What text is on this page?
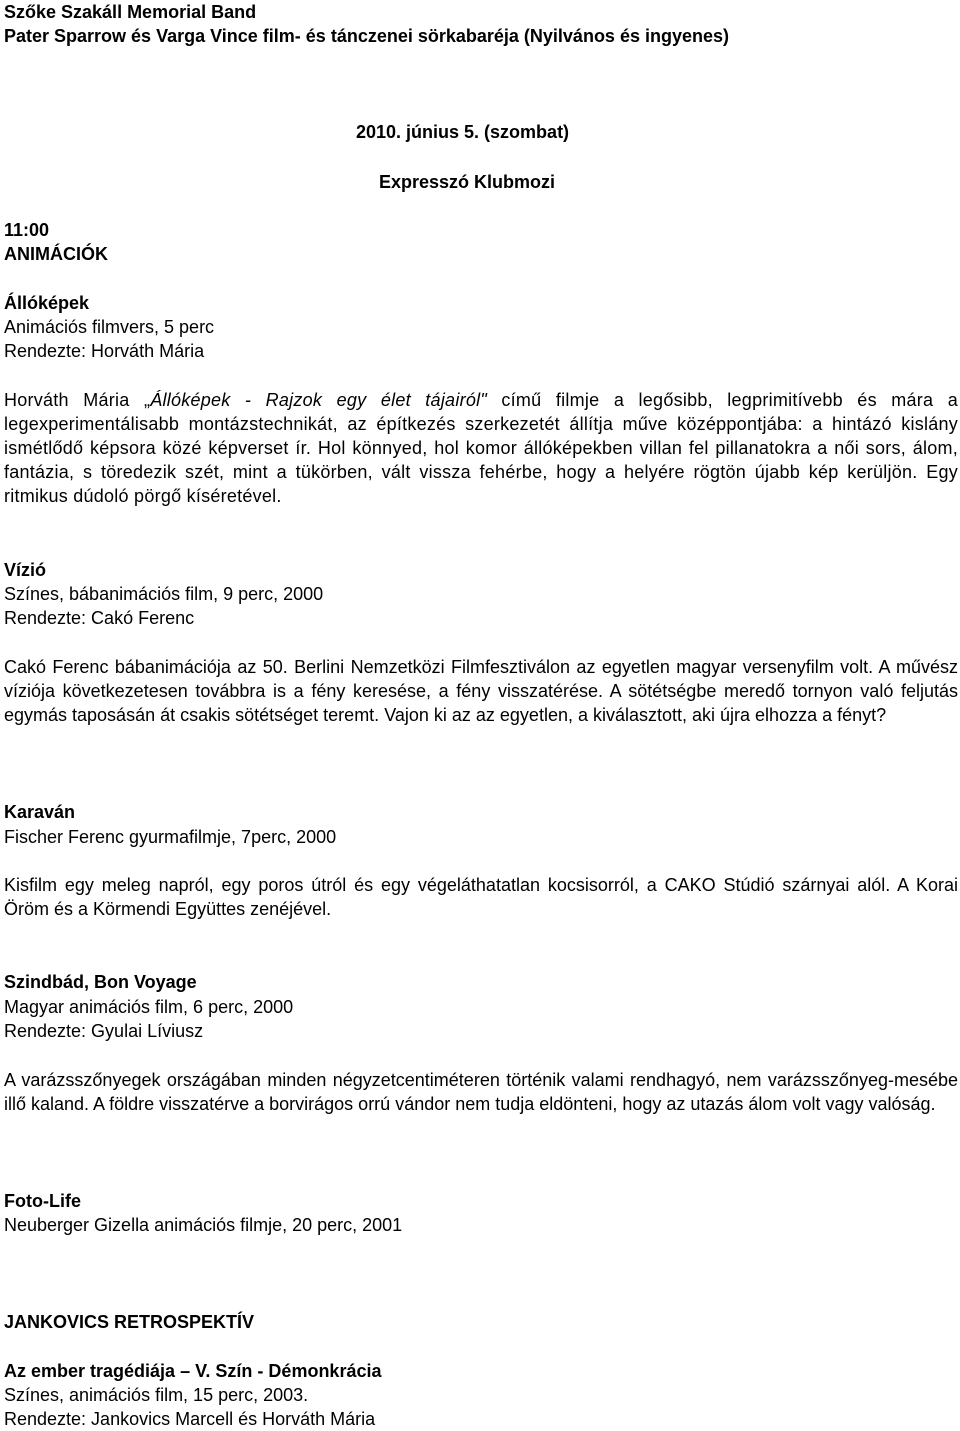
Szőke Szakáll Memorial Band
Pater Sparrow és Varga Vince film- és tánczenei sörkabaréja (Nyilvános és ingyenes)
2010. június 5. (szombat)
Expresszó Klubmozi
11:00
ANIMÁCIÓK
Állóképek
Animációs filmvers, 5 perc
Rendezte: Horváth Mária
Horváth Mária „Állóképek - Rajzok egy élet tájairól" című filmje a legősibb, legprimitívebb és mára a legexperimentálisabb montázstechnikát, az építkezés szerkezetét állítja műve középpontjába: a hintázó kislány ismétlődő képsora közé képverset ír. Hol könnyed, hol komor állóképekben villan fel pillanatokra a női sors, álom, fantázia, s töredezik szét, mint a tükörben, vált vissza fehérbe, hogy a helyére rögtön újabb kép kerüljön. Egy ritmikus dúdoló pörgő kíséretével.
Vízió
Színes, bábanimációs film, 9 perc, 2000
Rendezte: Cakó Ferenc
Cakó Ferenc bábanimációja az 50. Berlini Nemzetközi Filmfesztiválon az egyetlen magyar versenyfilm volt. A művész víziója következetesen továbbra is a fény keresése, a fény visszatérése. A sötétségbe meredő tornyon való feljutás egymás taposásán át csakis sötétséget teremt. Vajon ki az az egyetlen, a kiválasztott, aki újra elhozza a fényt?
Karaván
Fischer Ferenc gyurmafilmje, 7perc, 2000
Kisfilm egy meleg napról, egy poros útról és egy végeláthatatlan kocsisorról, a CAKO Stúdió szárnyai alól. A Korai Öröm és a Körmendi Együttes zenéjével.
Szindbád, Bon Voyage
Magyar animációs film, 6 perc, 2000
Rendezte: Gyulai Líviusz
A varázsszőnyegek országában minden négyzetcentiméteren történik valami rendhagyó, nem varázsszőnyeg-mesébe illő kaland. A földre visszatérve a borvirágos orrú vándor nem tudja eldönteni, hogy az utazás álom volt vagy valóság.
Foto-Life
Neuberger Gizella animációs filmje, 20 perc, 2001
JANKOVICS RETROSPEKTÍV
Az ember tragédiája – V. Szín - Démonkrácia
Színes, animációs film, 15 perc, 2003.
Rendezte: Jankovics Marcell és Horváth Mária
